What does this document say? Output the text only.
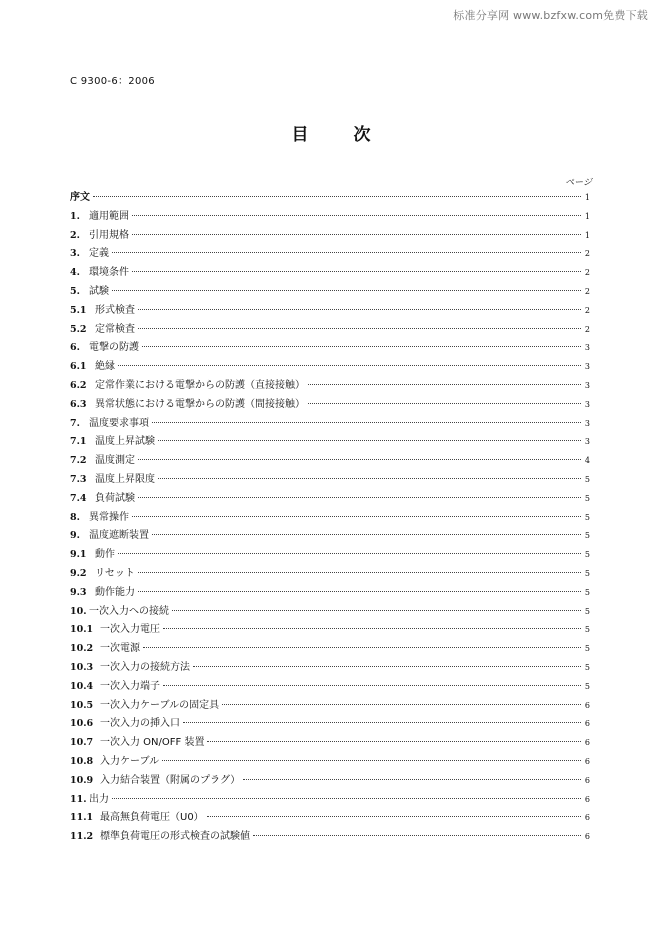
标准分享网 www.bzfxw.com免费下载
C 9300-6：2006
目　次
ページ
序文	1
1. 適用範囲	1
2. 引用規格	1
3. 定義	2
4. 環境条件	2
5. 試験	2
5.1 形式検査	2
5.2 定常検査	2
6. 電撃の防護	3
6.1 絶縁	3
6.2 定常作業における電撃からの防護（直接接触）	3
6.3 異常状態における電撃からの防護（間接接触）	3
7. 温度要求事項	3
7.1 温度上昇試験	3
7.2 温度測定	4
7.3 温度上昇限度	5
7.4 負荷試験	5
8. 異常操作	5
9. 温度遮断装置	5
9.1 動作	5
9.2 リセット	5
9.3 動作能力	5
10. 一次入力への接続	5
10.1 一次入力電圧	5
10.2 一次電源	5
10.3 一次入力の接続方法	5
10.4 一次入力端子	5
10.5 一次入力ケーブルの固定具	6
10.6 一次入力の挿入口	6
10.7 一次入力 ON/OFF 装置	6
10.8 入力ケーブル	6
10.9 入力結合装置（附属のプラグ）	6
11. 出力	6
11.1 最高無負荷電圧（U0）	6
11.2 標準負荷電圧の形式検査の試験値	6
